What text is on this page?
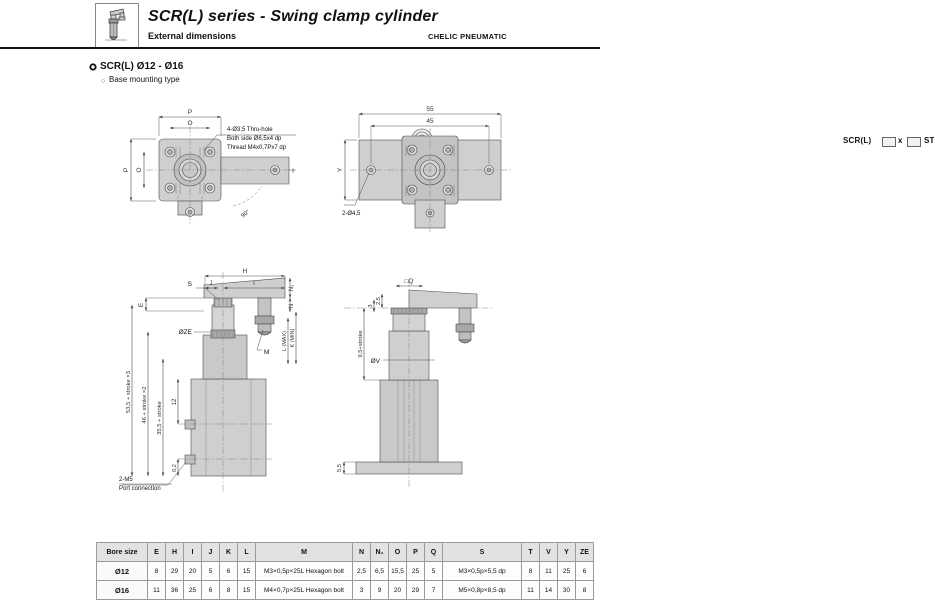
SCR(L) series - Swing clamp cylinder
External dimensions	CHELIC PNEUMATIC
SCR(L) Ø12 - Ø16
○ Base mounting type
SCR(L)	x	ST
90°
P
O
P O	I
4-Ø3,5 Thru-hole
Both side Ø6,5x4 dp
Thread M4x0,7Px7 dp
55
45
Y
2-Ø4,5
H
J	I
S
E
ØZE
N₁
N
M
L (MAX) K (MIN)
53,5 + stroke ×3 46 + stroke ×2 35,5 + stroke 12
0,2
2-M5
Port connection
□Q
2.5
3
9,5+stroke
ØV
5,5
Bore size	E	H	I	J	K	L	M	N	N₁	O	P	Q	S	T	V	Y	ZE
Ø12	8	29	20	5	6	15	M3×0,5p×25L Hexagon bolt	2,5	6,5	15,5	25	5	M3×0,5p×5,5 dp	8	11	25	6
Ø16	11	36	25	6	8	15	M4×0,7p×25L Hexagon bolt	3	9	20	29	7	M5×0,8p×8,5 dp	11	14	30	8
